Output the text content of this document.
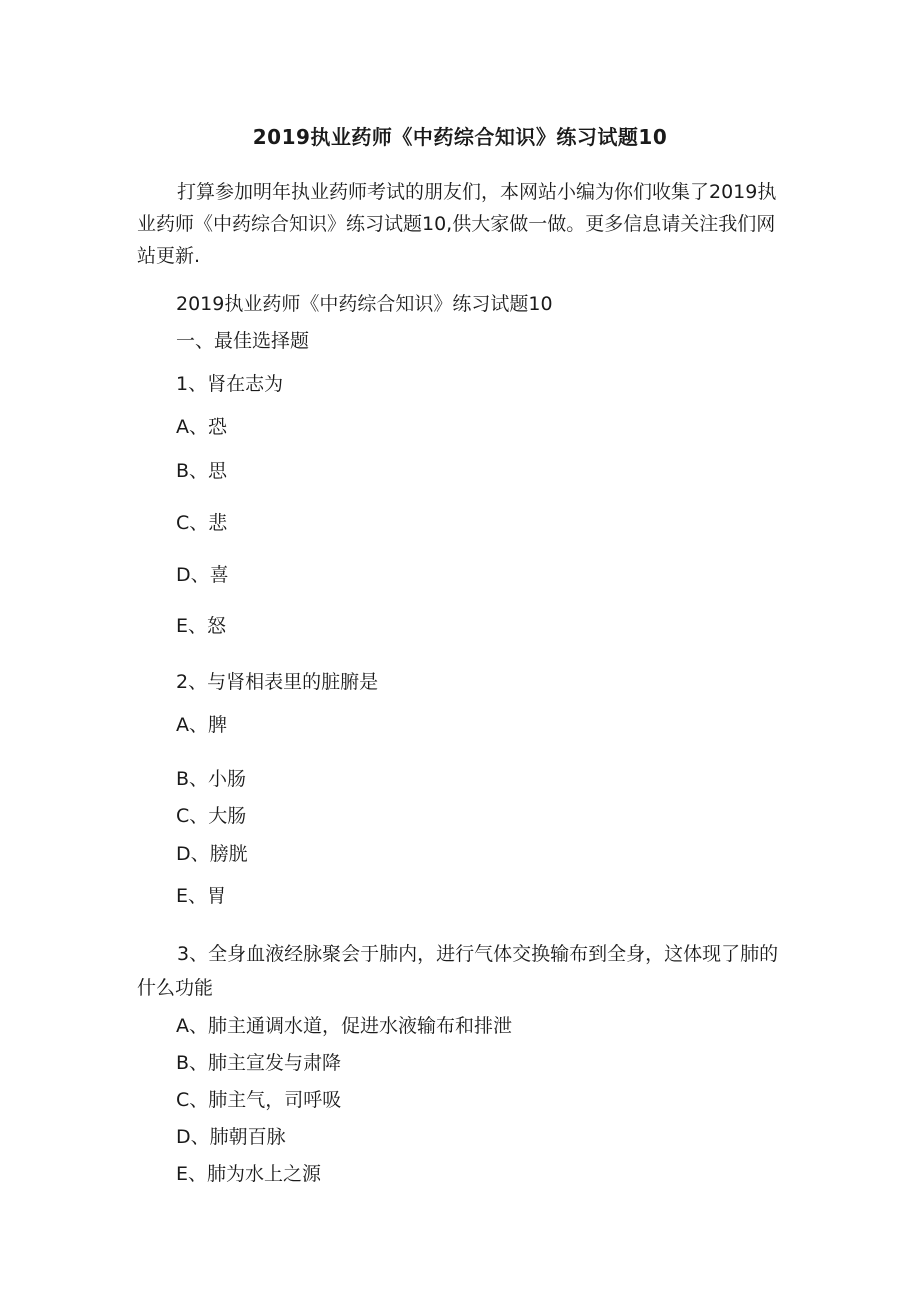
2019执业药师《中药综合知识》练习试题10
打算参加明年执业药师考试的朋友们，本网站小编为你们收集了2019执业药师《中药综合知识》练习试题10,供大家做一做。更多信息请关注我们网站更新.
2019执业药师《中药综合知识》练习试题10
一、最佳选择题
1、肾在志为
A、恐
B、思
C、悲
D、喜
E、怒
2、与肾相表里的脏腑是
A、脾
B、小肠
C、大肠
D、膀胱
E、胃
3、全身血液经脉聚会于肺内，进行气体交换输布到全身，这体现了肺的什么功能
A、肺主通调水道，促进水液输布和排泄
B、肺主宣发与肃降
C、肺主气，司呼吸
D、肺朝百脉
E、肺为水上之源
